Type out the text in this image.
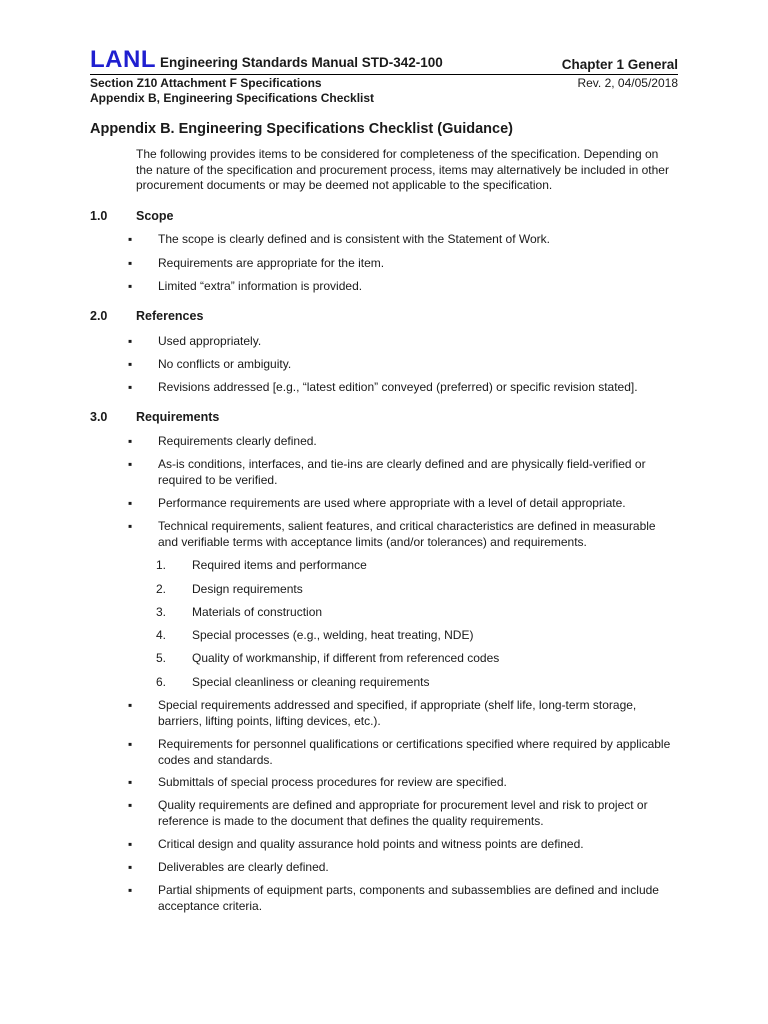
LANL Engineering Standards Manual STD-342-100	Chapter 1 General
Section Z10 Attachment F Specifications	Rev. 2, 04/05/2018
Appendix B, Engineering Specifications Checklist
Appendix B. Engineering Specifications Checklist (Guidance)
The following provides items to be considered for completeness of the specification. Depending on the nature of the specification and procurement process, items may alternatively be included in other procurement documents or may be deemed not applicable to the specification.
1.0 Scope
▪ The scope is clearly defined and is consistent with the Statement of Work.
▪ Requirements are appropriate for the item.
▪ Limited “extra” information is provided.
2.0 References
▪ Used appropriately.
▪ No conflicts or ambiguity.
▪ Revisions addressed [e.g., “latest edition” conveyed (preferred) or specific revision stated].
3.0 Requirements
▪ Requirements clearly defined.
▪ As-is conditions, interfaces, and tie-ins are clearly defined and are physically field-verified or required to be verified.
▪ Performance requirements are used where appropriate with a level of detail appropriate.
▪ Technical requirements, salient features, and critical characteristics are defined in measurable and verifiable terms with acceptance limits (and/or tolerances) and requirements.
1. Required items and performance
2. Design requirements
3. Materials of construction
4. Special processes (e.g., welding, heat treating, NDE)
5. Quality of workmanship, if different from referenced codes
6. Special cleanliness or cleaning requirements
▪ Special requirements addressed and specified, if appropriate (shelf life, long-term storage, barriers, lifting points, lifting devices, etc.).
▪ Requirements for personnel qualifications or certifications specified where required by applicable codes and standards.
▪ Submittals of special process procedures for review are specified.
▪ Quality requirements are defined and appropriate for procurement level and risk to project or reference is made to the document that defines the quality requirements.
▪ Critical design and quality assurance hold points and witness points are defined.
▪ Deliverables are clearly defined.
▪ Partial shipments of equipment parts, components and subassemblies are defined and include acceptance criteria.
